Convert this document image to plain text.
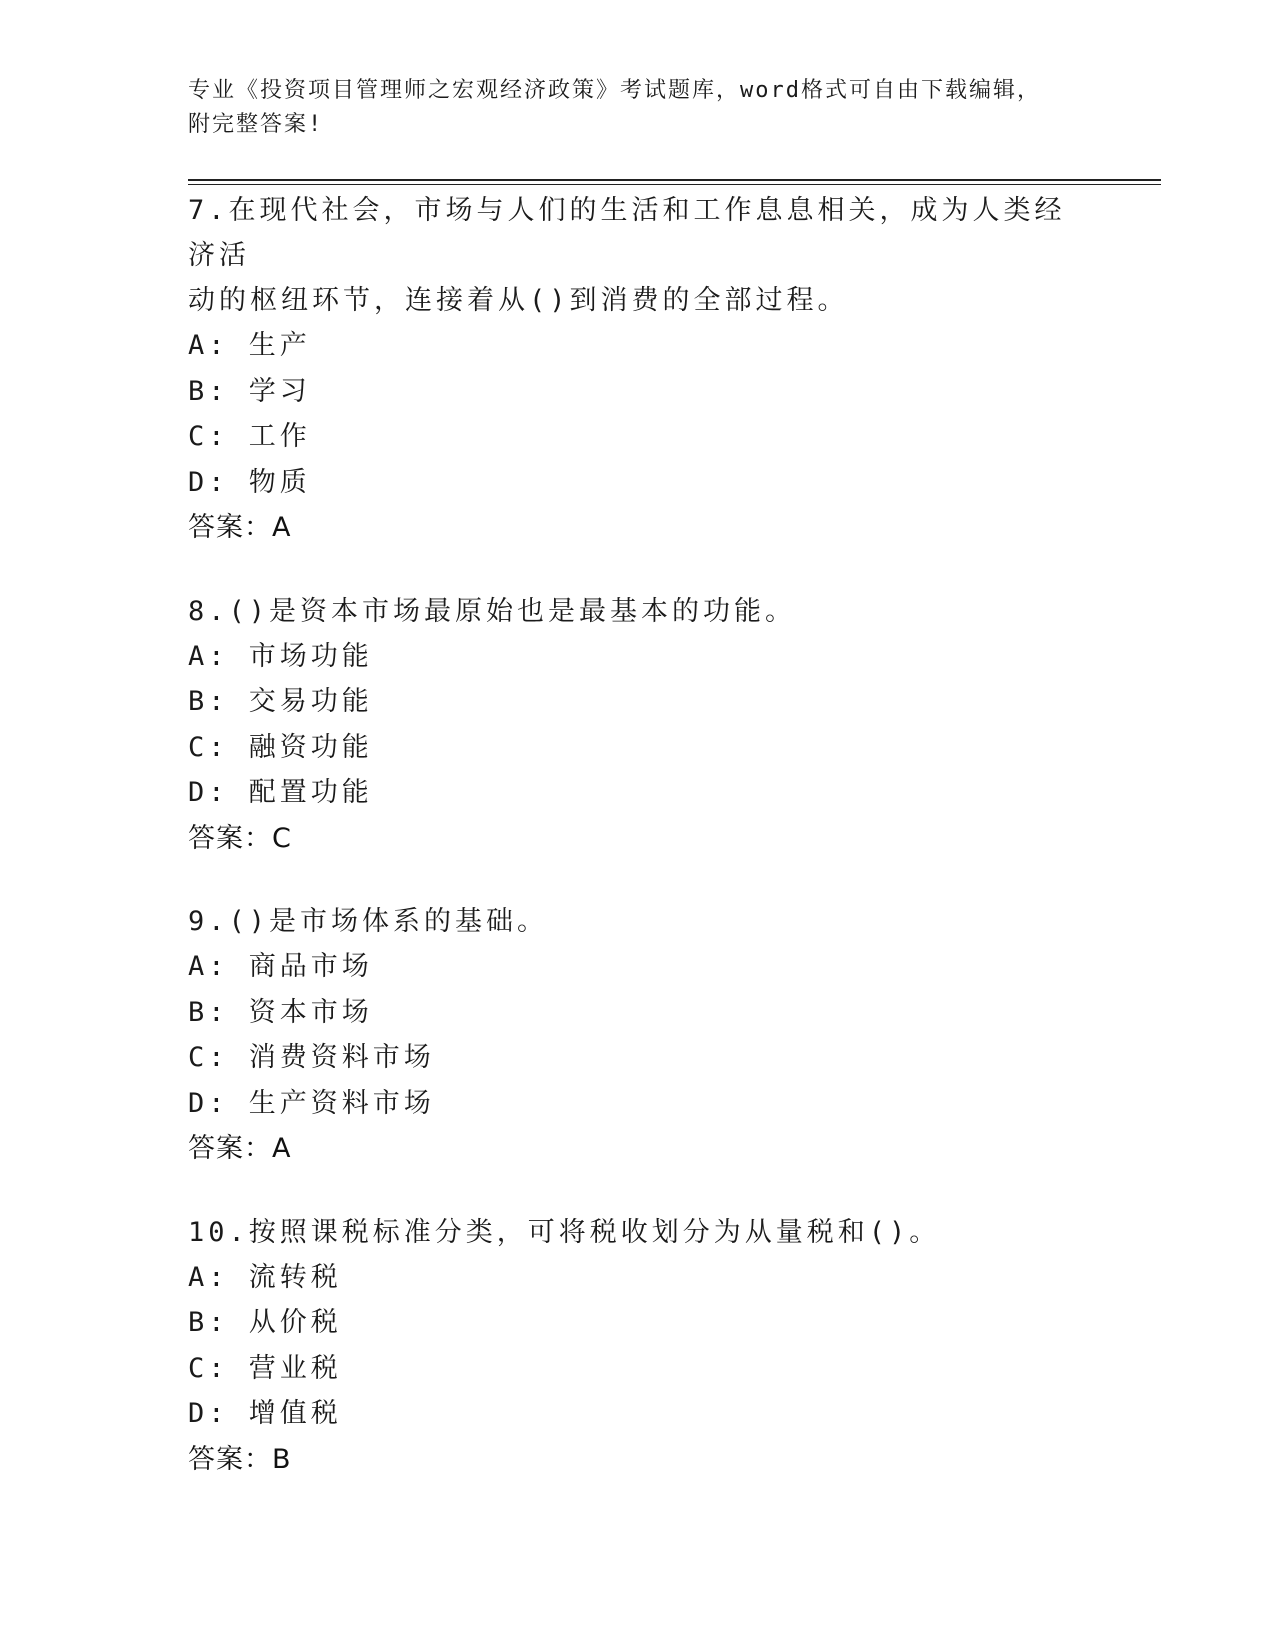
专业《投资项目管理师之宏观经济政策》考试题库，word格式可自由下载编辑，
附完整答案!

7.在现代社会，市场与人们的生活和工作息息相关，成为人类经济活

动的枢纽环节，连接着从()到消费的全部过程。

A: 生产

B: 学习

C: 工作

D: 物质

答案：A

8.()是资本市场最原始也是最基本的功能。

A: 市场功能

B: 交易功能

C: 融资功能

D: 配置功能

答案：C

9.()是市场体系的基础。

A: 商品市场

B: 资本市场

C: 消费资料市场

D: 生产资料市场

答案：A

10.按照课税标准分类，可将税收划分为从量税和()。

A: 流转税

B: 从价税

C: 营业税

D: 增值税

答案：B
